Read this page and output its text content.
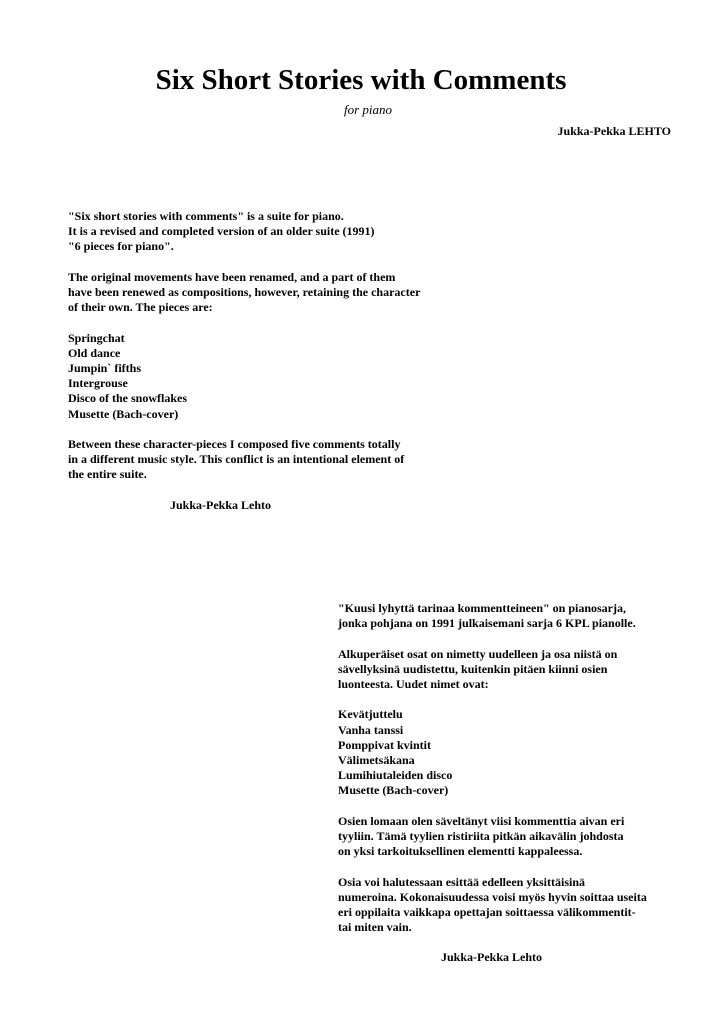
Six Short Stories with Comments
for piano
Jukka-Pekka LEHTO

"Six short stories with comments" is a suite for piano.
It is a revised and completed version of an older suite (1991)
"6 pieces for piano".

The original movements have been renamed, and a part of them
have been renewed as compositions, however, retaining the character
of their own. The pieces are:

Springchat
Old dance
Jumpin` fifths
Intergrouse
Disco of the snowflakes
Musette (Bach-cover)

Between these character-pieces I composed five comments totally
in a different music style. This conflict is an intentional element of
the entire suite.

Jukka-Pekka Lehto

"Kuusi lyhyttä tarinaa kommentteineen" on pianosarja,
jonka pohjana on 1991 julkaisemani sarja 6 KPL pianolle.

Alkuperäiset osat on nimetty uudelleen ja osa niistä on
sävellyksinä uudistettu, kuitenkin pitäen kiinni osien
luonteesta. Uudet nimet ovat:

Kevätjuttelu
Vanha tanssi
Pomppivat kvintit
Välimetsäkana
Lumihiutaleiden disco
Musette (Bach-cover)

Osien lomaan olen säveltänyt viisi kommenttia aivan eri
tyyliin. Tämä tyylien ristiriita pitkän aikavälin johdosta
on yksi tarkoituksellinen elementti kappaleessa.

Osia voi halutessaan esittää edelleen yksittäisinä
numeroina. Kokonaisuudessa voisi myös hyvin soittaa useita
eri oppilaita vaikkapa opettajan soittaessa välikommentit-
tai miten vain.

Jukka-Pekka Lehto
